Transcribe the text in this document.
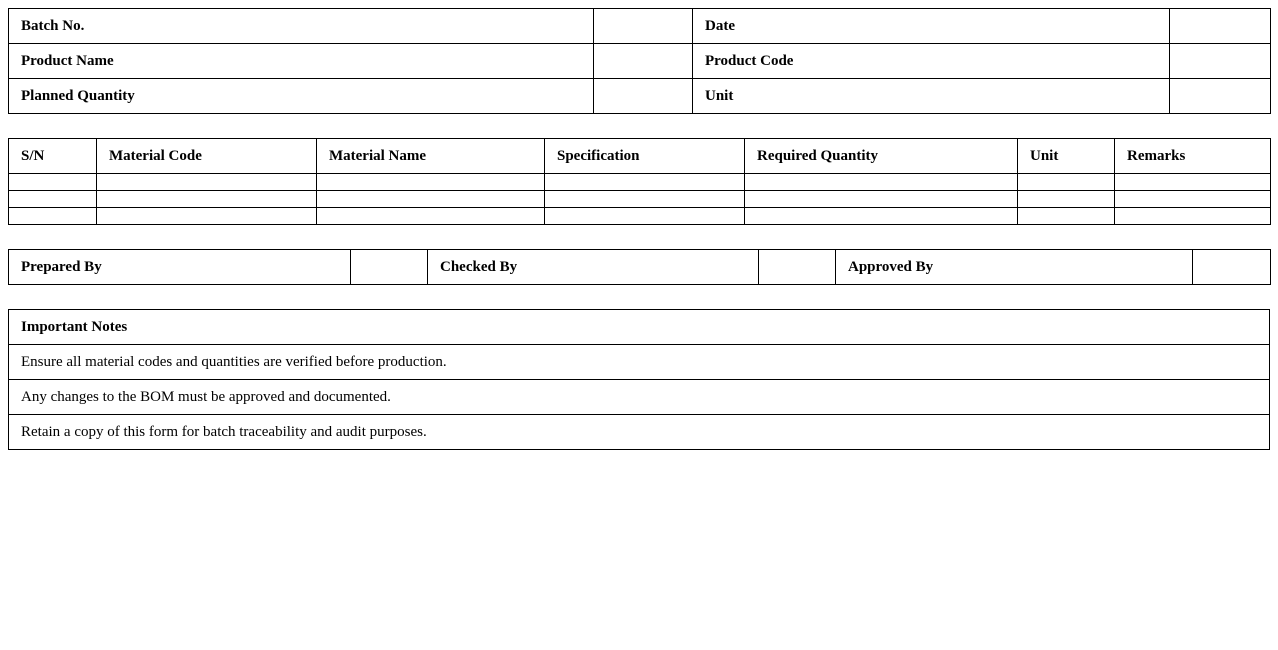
Batch No.		Date	
Product Name		Product Code	
Planned Quantity		Unit	
S/N	Material Code	Material Name	Specification	Required Quantity	Unit	Remarks

Prepared By		Checked By		Approved By	
Important Notes
Ensure all material codes and quantities are verified before production.
Any changes to the BOM must be approved and documented.
Retain a copy of this form for batch traceability and audit purposes.
